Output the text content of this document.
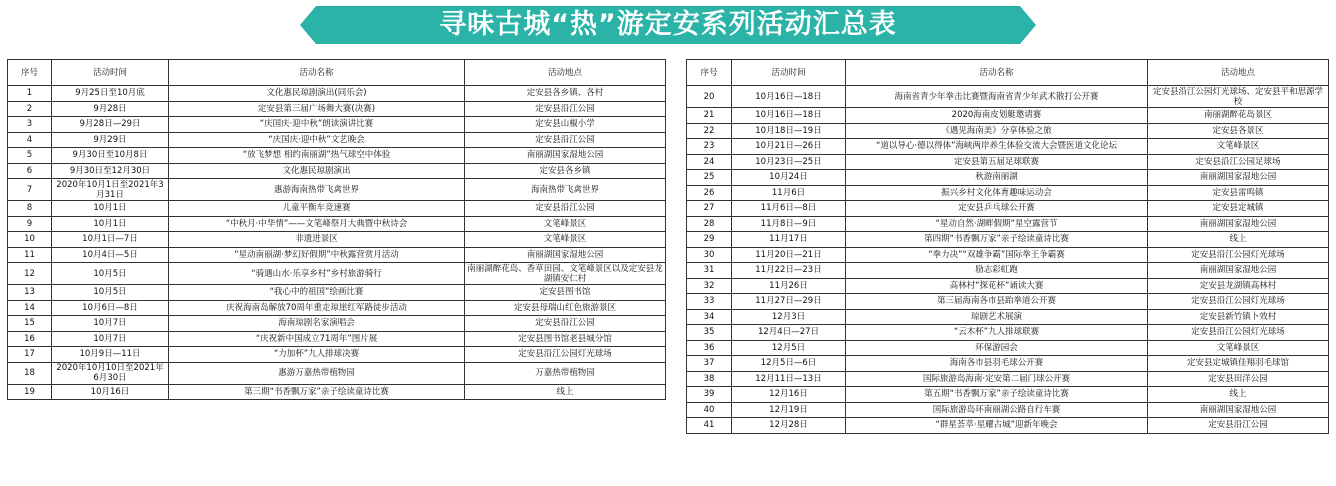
寻味古城“热”游定安系列活动汇总表
序号	活动时间	活动名称	活动地点
1	9月25日至10月底	文化惠民琼剧演出(同乐会)	定安县各乡镇、各村
2	9月28日	定安县第三届广场舞大赛(决赛)	定安县沿江公园
3	9月28日—29日	“庆国庆·迎中秋”朗读演讲比赛	定安县山椒小学
4	9月29日	“庆国庆·迎中秋”文艺晚会	定安县沿江公园
5	9月30日至10月8日	“放飞梦想 相约南丽湖”热气球空中体验	南丽湖国家湿地公园
6	9月30日至12月30日	文化惠民琼剧演出	定安县各乡镇
7	2020年10月1日至2021年3月31日	惠游海南热带飞禽世界	海南热带飞禽世界
8	10月1日	儿童平衡车竞速赛	定安县沿江公园
9	10月1日	“中秋月·中华情”——文笔峰祭月大典暨中秋诗会	文笔峰景区
10	10月1日—7日	非遗进景区	文笔峰景区
11	10月4日—5日	“星动南丽湖·梦幻好假期”中秋露营赏月活动	南丽湖国家湿地公园
12	10月5日	“骑遇山水·乐享乡村”乡村旅游骑行	南丽湖醉花岛、香草田园、文笔峰景区以及定安县龙湖镇安仁村
13	10月5日	“我心中的祖国”绘画比赛	定安县图书馆
14	10月6日—8日	庆祝海南岛解放70周年重走琼崖红军路徒步活动	定安县母瑞山红色旅游景区
15	10月7日	海南琼剧名家演唱会	定安县沿江公园
16	10月7日	“庆祝新中国成立71周年”图片展	定安县图书馆老县城分馆
17	10月9日—11日	“力加杯”九人排球决赛	定安县沿江公园灯光球场
18	2020年10月10日至2021年6月30日	惠游万嘉热带植物园	万嘉热带植物园
19	10月16日	第三期“书香飘万家”亲子绘读童诗比赛	线上
序号	活动时间	活动名称	活动地点
20	10月16日—18日	海南省青少年拳击比赛暨海南省青少年武术散打公开赛	定安县沿江公园灯光球场、定安县平和思源学校
21	10月16日—18日	2020海南皮划艇邀请赛	南丽湖醉花岛景区
22	10月18日—19日	《遇见海南美》分享体验之旅	定安县各景区
23	10月21日—26日	“道以导心·德以得体”海峡两岸养生体验交流大会暨医道文化论坛	文笔峰景区
24	10月23日—25日	定安县第五届足球联赛	定安县沿江公园足球场
25	10月24日	秋游南丽湖	南丽湖国家湿地公园
26	11月6日	振兴乡村文化体育趣味运动会	定安县雷鸣镇
27	11月6日—8日	定安县乒乓球公开赛	定安县定城镇
28	11月8日—9日	“星动自然·湖畔假期”星空露营节	南丽湖国家湿地公园
29	11月17日	第四期“书香飘万家”亲子绘读童诗比赛	线上
30	11月20日—21日	“拳力决”“双雄争霸”国际拳王争霸赛	定安县沿江公园灯光球场
31	11月22日—23日	励志彩虹跑	南丽湖国家湿地公园
32	11月26日	高林村“探花杯”诵读大赛	定安县龙湖镇高林村
33	11月27日—29日	第三届海南各市县跆拳道公开赛	定安县沿江公园灯光球场
34	12月3日	琼剧艺术展演	定安县新竹镇卜效村
35	12月4日—27日	“云木杯”九人排球联赛	定安县沿江公园灯光球场
36	12月5日	环保游园会	文笔峰景区
37	12月5日—6日	海南各市县羽毛球公开赛	定安县定城镇佳翔羽毛球馆
38	12月11日—13日	国际旅游岛海南·定安第二届门球公开赛	定安县田洋公园
39	12月16日	第五期“书香飘万家”亲子绘读童诗比赛	线上
40	12月19日	国际旅游岛环南丽湖公路自行车赛	南丽湖国家湿地公园
41	12月28日	“群星荟萃·星耀古城”迎新年晚会	定安县沿江公园
